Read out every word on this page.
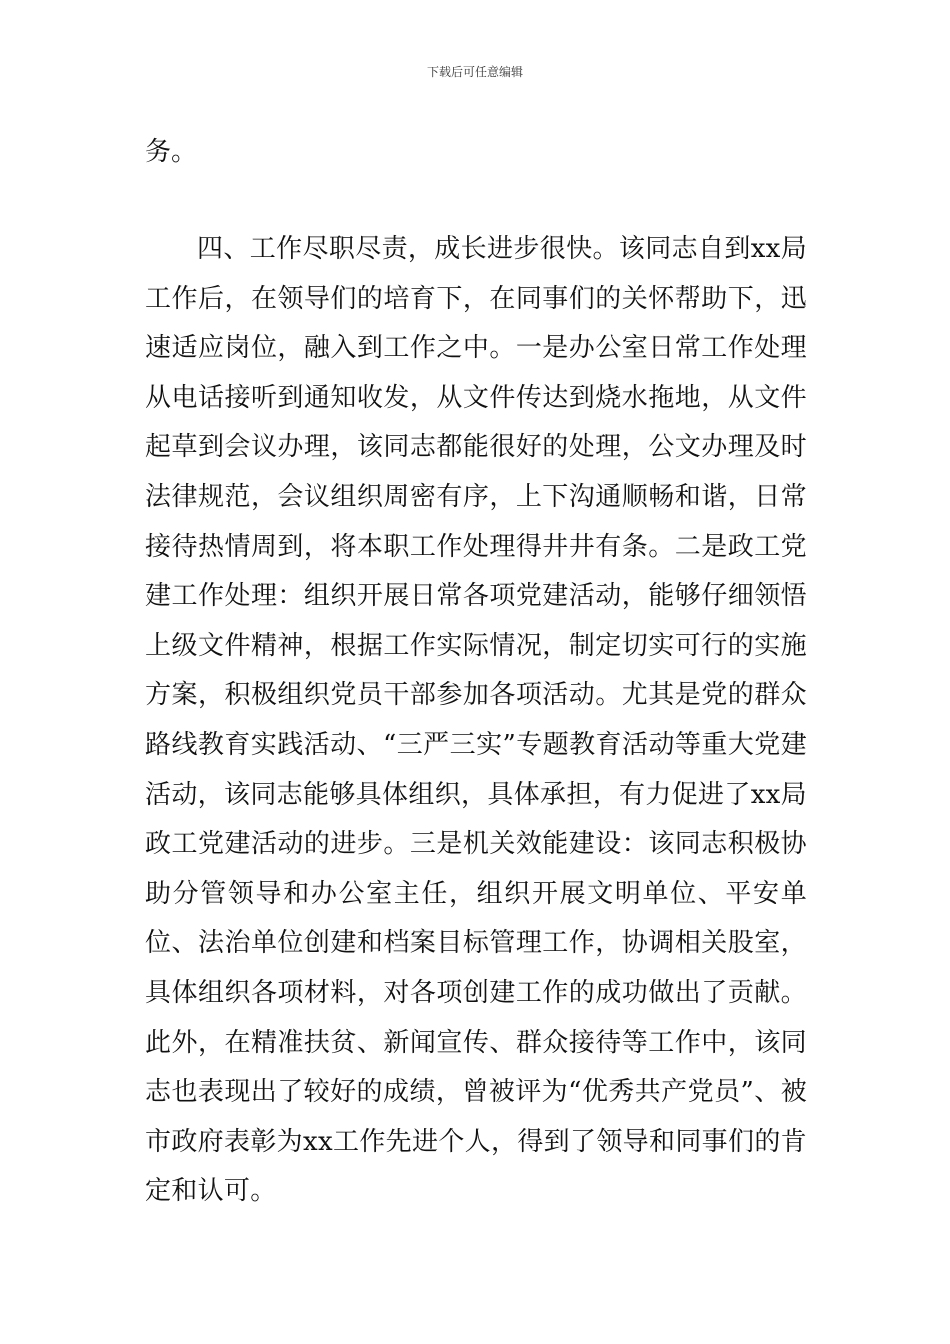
下载后可任意编辑

务。

四、工作尽职尽责，成长进步很快。该同志自到xx局工作后，在领导们的培育下，在同事们的关怀帮助下，迅速适应岗位，融入到工作之中。一是办公室日常工作处理从电话接听到通知收发，从文件传达到烧水拖地，从文件起草到会议办理，该同志都能很好的处理，公文办理及时法律规范，会议组织周密有序，上下沟通顺畅和谐，日常接待热情周到，将本职工作处理得井井有条。二是政工党建工作处理：组织开展日常各项党建活动，能够仔细领悟上级文件精神，根据工作实际情况，制定切实可行的实施方案，积极组织党员干部参加各项活动。尤其是党的群众路线教育实践活动、“三严三实”专题教育活动等重大党建活动，该同志能够具体组织，具体承担，有力促进了xx局政工党建活动的进步。三是机关效能建设：该同志积极协助分管领导和办公室主任，组织开展文明单位、平安单位、法治单位创建和档案目标管理工作，协调相关股室，具体组织各项材料，对各项创建工作的成功做出了贡献。此外，在精准扶贫、新闻宣传、群众接待等工作中，该同志也表现出了较好的成绩，曾被评为“优秀共产党员”、被市政府表彰为xx工作先进个人，得到了领导和同事们的肯定和认可。
